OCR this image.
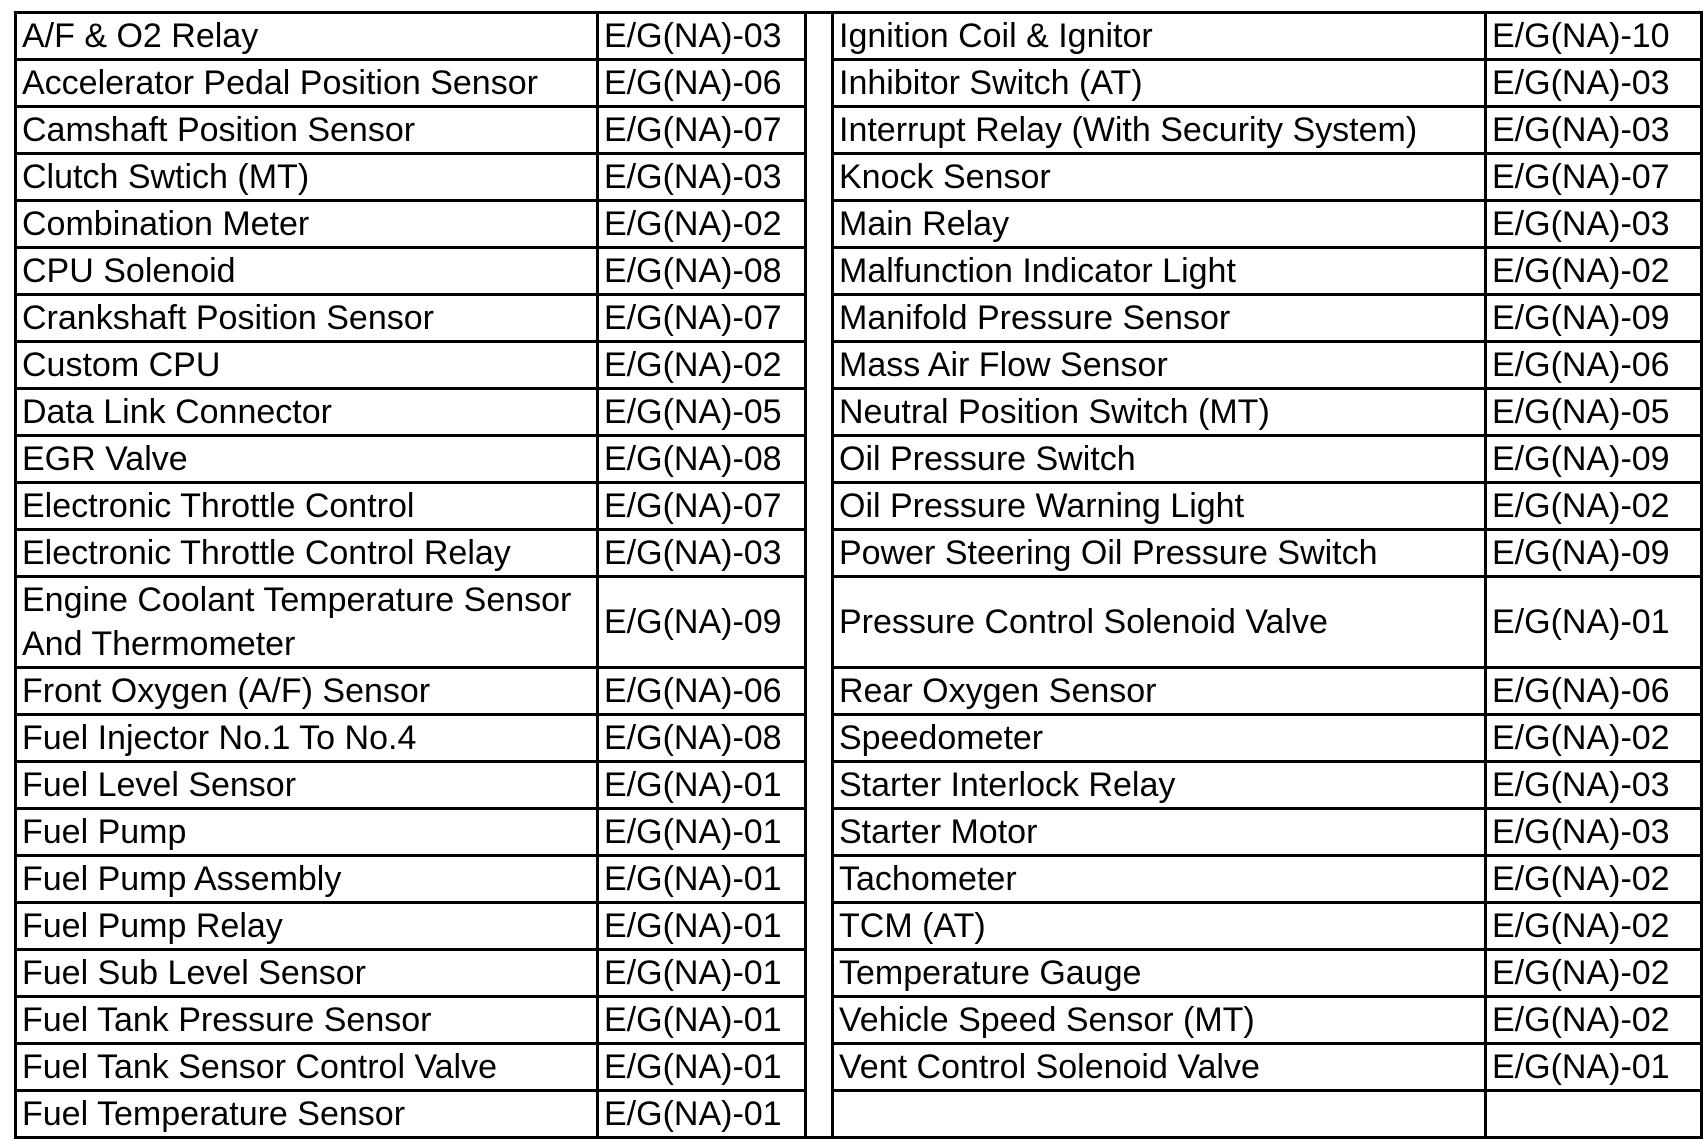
A/F & O2 Relay	E/G(NA)-03		Ignition Coil & Ignitor	E/G(NA)-10
Accelerator Pedal Position Sensor	E/G(NA)-06		Inhibitor Switch (AT)	E/G(NA)-03
Camshaft Position Sensor	E/G(NA)-07		Interrupt Relay (With Security System)	E/G(NA)-03
Clutch Swtich (MT)	E/G(NA)-03		Knock Sensor	E/G(NA)-07
Combination Meter	E/G(NA)-02		Main Relay	E/G(NA)-03
CPU Solenoid	E/G(NA)-08		Malfunction Indicator Light	E/G(NA)-02
Crankshaft Position Sensor	E/G(NA)-07		Manifold Pressure Sensor	E/G(NA)-09
Custom CPU	E/G(NA)-02		Mass Air Flow Sensor	E/G(NA)-06
Data Link Connector	E/G(NA)-05		Neutral Position Switch (MT)	E/G(NA)-05
EGR Valve	E/G(NA)-08		Oil Pressure Switch	E/G(NA)-09
Electronic Throttle Control	E/G(NA)-07		Oil Pressure Warning Light	E/G(NA)-02
Electronic Throttle Control Relay	E/G(NA)-03		Power Steering Oil Pressure Switch	E/G(NA)-09
Engine Coolant Temperature Sensor And Thermometer	E/G(NA)-09		Pressure Control Solenoid Valve	E/G(NA)-01
Front Oxygen (A/F) Sensor	E/G(NA)-06		Rear Oxygen Sensor	E/G(NA)-06
Fuel Injector No.1 To No.4	E/G(NA)-08		Speedometer	E/G(NA)-02
Fuel Level Sensor	E/G(NA)-01		Starter Interlock Relay	E/G(NA)-03
Fuel Pump	E/G(NA)-01		Starter Motor	E/G(NA)-03
Fuel Pump Assembly	E/G(NA)-01		Tachometer	E/G(NA)-02
Fuel Pump Relay	E/G(NA)-01		TCM (AT)	E/G(NA)-02
Fuel Sub Level Sensor	E/G(NA)-01		Temperature Gauge	E/G(NA)-02
Fuel Tank Pressure Sensor	E/G(NA)-01		Vehicle Speed Sensor (MT)	E/G(NA)-02
Fuel Tank Sensor Control Valve	E/G(NA)-01		Vent Control Solenoid Valve	E/G(NA)-01
Fuel Temperature Sensor	E/G(NA)-01			
